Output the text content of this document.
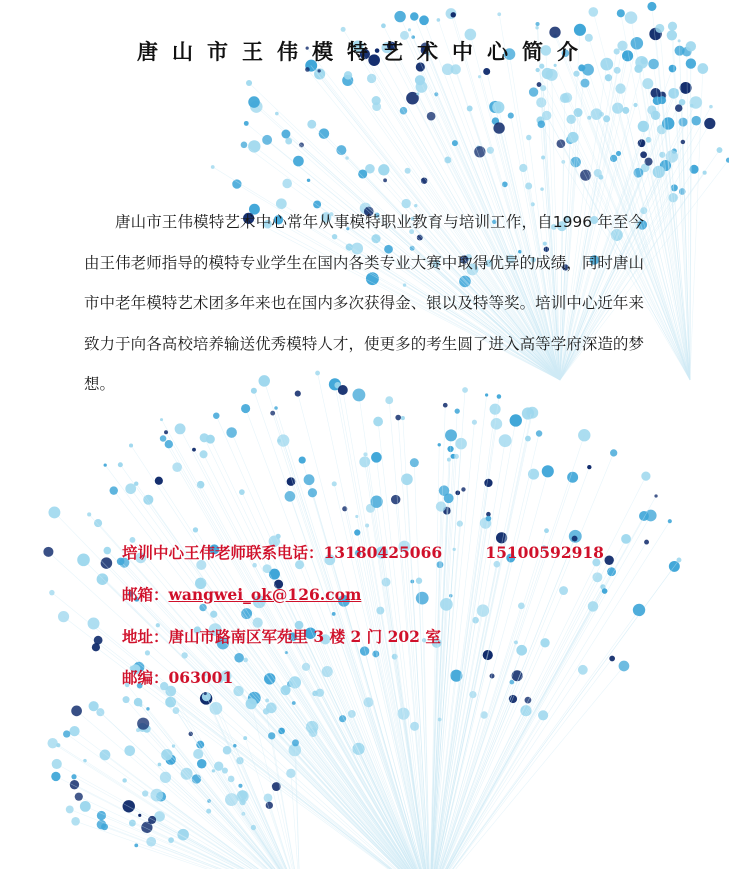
唐山市王伟模特艺术中心简介
唐山市王伟模特艺术中心常年从事模特职业教育与培训工作，自1996 年至今由王伟老师指导的模特专业学生在国内各类专业大赛中取得优异的成绩，同时唐山市中老年模特艺术团多年来也在国内多次获得金、银以及特等奖。培训中心近年来致力于向各高校培养输送优秀模特人才，使更多的考生圆了进入高等学府深造的梦想。
培训中心王伟老师联系电话：13180425066	15100592918
邮箱：wangwei_ok@126.com
地址：唐山市路南区军苑里 3 楼 2 门 202 室
邮编：063001
